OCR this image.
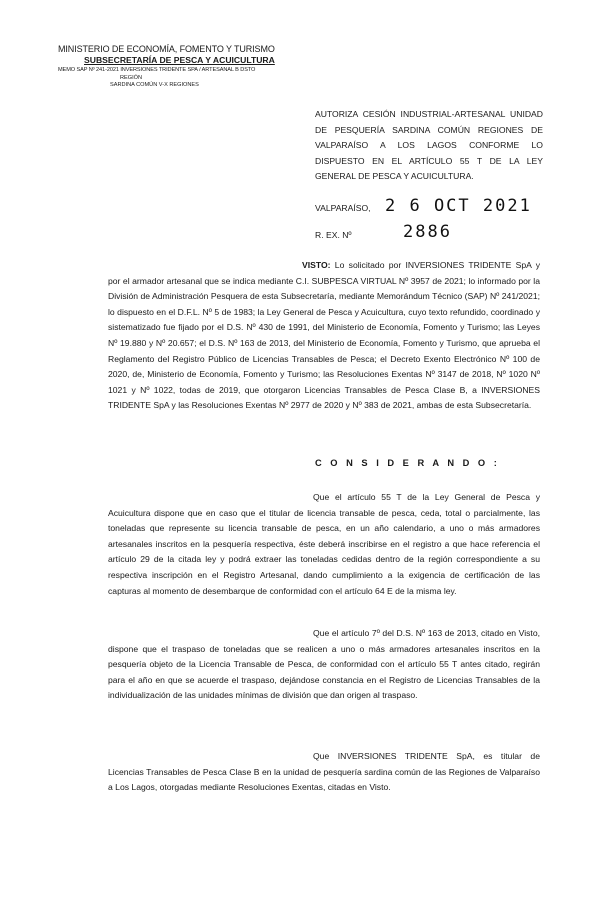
MINISTERIO DE ECONOMÍA, FOMENTO Y TURISMO
SUBSECRETARÍA DE PESCA Y ACUICULTURA
MEMO SAP Nº 241-2021 INVERSIONES TRIDENTE SPA / ARTESANAL B DSTO
REGIÓN
SARDINA COMÚN V-X REGIONES
AUTORIZA CESIÓN INDUSTRIAL-ARTESANAL UNIDAD DE PESQUERÍA SARDINA COMÚN REGIONES DE VALPARAÍSO A LOS LAGOS CONFORME LO DISPUESTO EN EL ARTÍCULO 55 T DE LA LEY GENERAL DE PESCA Y ACUICULTURA.
VALPARAÍSO, 2 6 OCT 2021
R. EX. Nº	2886

VISTO: Lo solicitado por INVERSIONES TRIDENTE SpA y por el armador artesanal que se indica mediante C.I. SUBPESCA VIRTUAL Nº 3957 de 2021; lo informado por la División de Administración Pesquera de esta Subsecretaría, mediante Memorándum Técnico (SAP) Nº 241/2021; lo dispuesto en el D.F.L. Nº 5 de 1983; la Ley General de Pesca y Acuicultura, cuyo texto refundido, coordinado y sistematizado fue fijado por el D.S. Nº 430 de 1991, del Ministerio de Economía, Fomento y Turismo; las Leyes Nº 19.880 y Nº 20.657; el D.S. Nº 163 de 2013, del Ministerio de Economía, Fomento y Turismo, que aprueba el Reglamento del Registro Público de Licencias Transables de Pesca; el Decreto Exento Electrónico Nº 100 de 2020, de, Ministerio de Economía, Fomento y Turismo; las Resoluciones Exentas Nº 3147 de 2018, Nº 1020 Nº 1021 y Nº 1022, todas de 2019, que otorgaron Licencias Transables de Pesca Clase B, a INVERSIONES TRIDENTE SpA y las Resoluciones Exentas Nº 2977 de 2020 y Nº 383 de 2021, ambas de esta Subsecretaría.

C O N S I D E R A N D O :

Que el artículo 55 T de la Ley General de Pesca y Acuicultura dispone que en caso que el titular de licencia transable de pesca, ceda, total o parcialmente, las toneladas que represente su licencia transable de pesca, en un año calendario, a uno o más armadores artesanales inscritos en la pesquería respectiva, éste deberá inscribirse en el registro a que hace referencia el artículo 29 de la citada ley y podrá extraer las toneladas cedidas dentro de la región correspondiente a su respectiva inscripción en el Registro Artesanal, dando cumplimiento a la exigencia de certificación de las capturas al momento de desembarque de conformidad con el artículo 64 E de la misma ley.

Que el artículo 7º del D.S. Nº 163 de 2013, citado en Visto, dispone que el traspaso de toneladas que se realicen a uno o más armadores artesanales inscritos en la pesquería objeto de la Licencia Transable de Pesca, de conformidad con el artículo 55 T antes citado, regirán para el año en que se acuerde el traspaso, dejándose constancia en el Registro de Licencias Transables de la individualización de las unidades mínimas de división que dan origen al traspaso.

Que INVERSIONES TRIDENTE SpA, es titular de Licencias Transables de Pesca Clase B en la unidad de pesquería sardina común de las Regiones de Valparaíso a Los Lagos, otorgadas mediante Resoluciones Exentas, citadas en Visto.
